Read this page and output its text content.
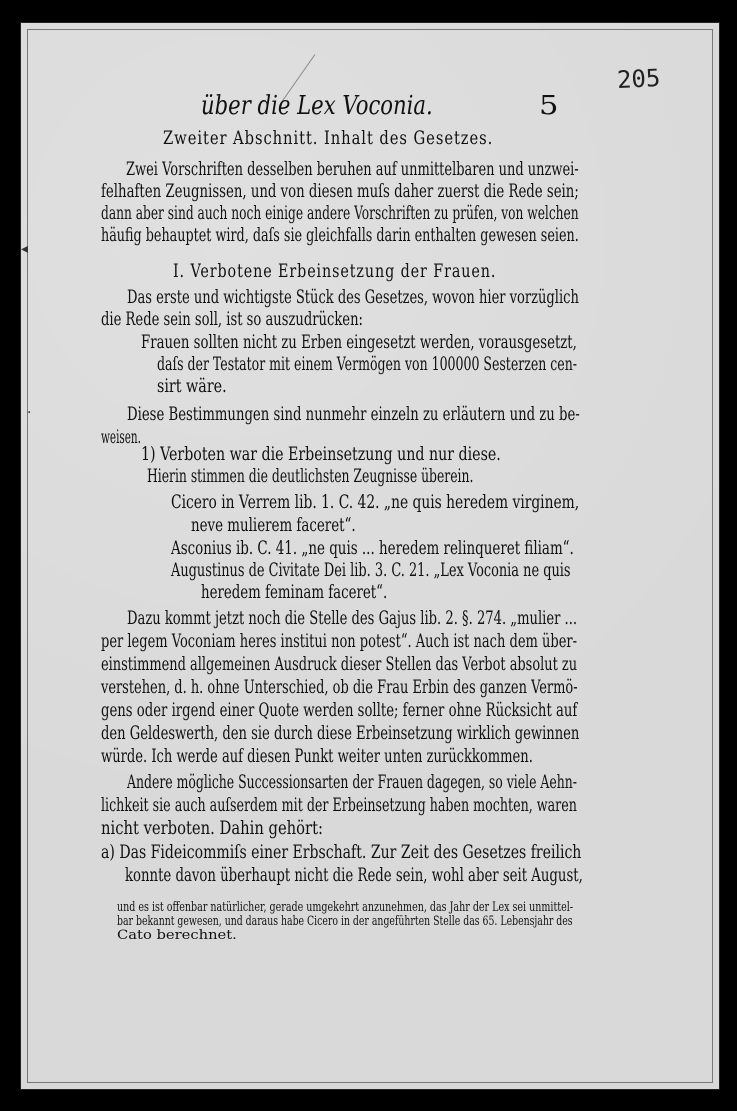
205
◂
·
über die Lex Voconia.	5
Zweiter Abschnitt. Inhalt des Gesetzes.
Zwei Vorschriften desselben beruhen auf unmittelbaren und unzwei-
felhaften Zeugnissen, und von diesen muſs daher zuerst die Rede sein;
dann aber sind auch noch einige andere Vorschriften zu prüfen, von welchen
häufig behauptet wird, daſs sie gleichfalls darin enthalten gewesen seien.
I. Verbotene Erbeinsetzung der Frauen.
Das erste und wichtigste Stück des Gesetzes, wovon hier vorzüglich
die Rede sein soll, ist so auszudrücken:
Frauen sollten nicht zu Erben eingesetzt werden, vorausgesetzt,
daſs der Testator mit einem Vermögen von 100000 Sesterzen cen-
sirt wäre.
Diese Bestimmungen sind nunmehr einzeln zu erläutern und zu be-
weisen.
1) Verboten war die Erbeinsetzung und nur diese.
Hierin stimmen die deutlichsten Zeugnisse überein.
Cicero in Verrem lib. 1. C. 42. „ne quis heredem virginem,
neve mulierem faceret“.
Asconius ib. C. 41. „ne quis ... heredem relinqueret filiam“.
Augustinus de Civitate Dei lib. 3. C. 21. „Lex Voconia ne quis
heredem feminam faceret“.
Dazu kommt jetzt noch die Stelle des Gajus lib. 2. §. 274. „mulier ...
per legem Voconiam heres institui non potest“. Auch ist nach dem über-
einstimmend allgemeinen Ausdruck dieser Stellen das Verbot absolut zu
verstehen, d. h. ohne Unterschied, ob die Frau Erbin des ganzen Vermö-
gens oder irgend einer Quote werden sollte; ferner ohne Rücksicht auf
den Geldeswerth, den sie durch diese Erbeinsetzung wirklich gewinnen
würde. Ich werde auf diesen Punkt weiter unten zurückkommen.
Andere mögliche Successionsarten der Frauen dagegen, so viele Aehn-
lichkeit sie auch auſserdem mit der Erbeinsetzung haben mochten, waren
nicht verboten. Dahin gehört:
a) Das Fideicommiſs einer Erbschaft. Zur Zeit des Gesetzes freilich
konnte davon überhaupt nicht die Rede sein, wohl aber seit August,
und es ist offenbar natürlicher, gerade umgekehrt anzunehmen, das Jahr der Lex sei unmittel-
bar bekannt gewesen, und daraus habe Cicero in der angeführten Stelle das 65. Lebensjahr des
Cato berechnet.
